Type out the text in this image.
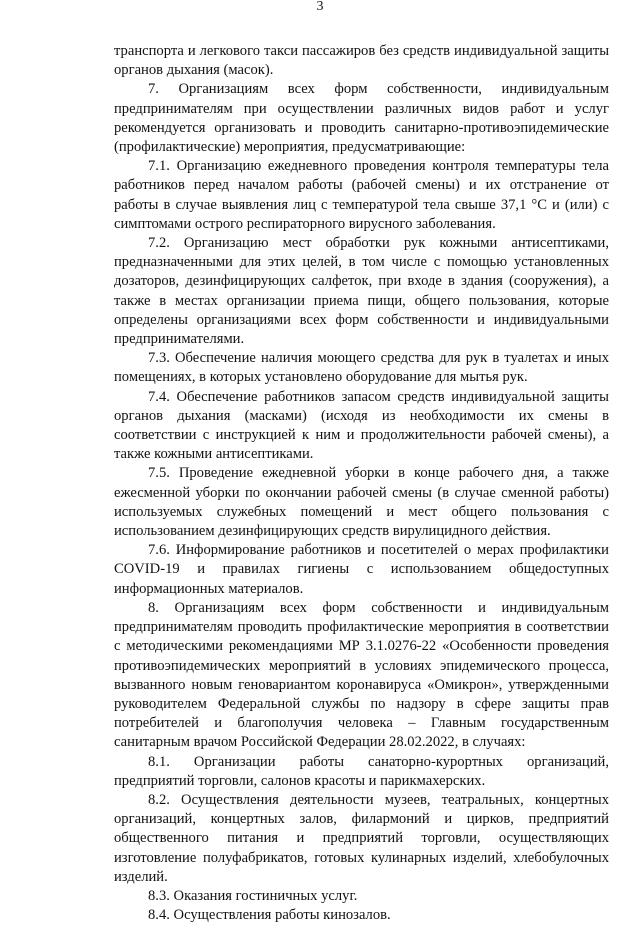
3

транспорта и легкового такси пассажиров без средств индивидуальной защиты органов дыхания (масок).

7. Организациям всех форм собственности, индивидуальным предпринимателям при осуществлении различных видов работ и услуг рекомендуется организовать и проводить санитарно-противоэпидемические (профилактические) мероприятия, предусматривающие:

7.1. Организацию ежедневного проведения контроля температуры тела работников перед началом работы (рабочей смены) и их отстранение от работы в случае выявления лиц с температурой тела свыше 37,1 °С и (или) с симптомами острого респираторного вирусного заболевания.

7.2. Организацию мест обработки рук кожными антисептиками, предназначенными для этих целей, в том числе с помощью установленных дозаторов, дезинфицирующих салфеток, при входе в здания (сооружения), а также в местах организации приема пищи, общего пользования, которые определены организациями всех форм собственности и индивидуальными предпринимателями.

7.3. Обеспечение наличия моющего средства для рук в туалетах и иных помещениях, в которых установлено оборудование для мытья рук.

7.4. Обеспечение работников запасом средств индивидуальной защиты органов дыхания (масками) (исходя из необходимости их смены в соответствии с инструкцией к ним и продолжительности рабочей смены), а также кожными антисептиками.

7.5. Проведение ежедневной уборки в конце рабочего дня, а также ежесменной уборки по окончании рабочей смены (в случае сменной работы) используемых служебных помещений и мест общего пользования с использованием дезинфицирующих средств вирулицидного действия.

7.6. Информирование работников и посетителей о мерах профилактики COVID-19 и правилах гигиены с использованием общедоступных информационных материалов.

8. Организациям всех форм собственности и индивидуальным предпринимателям проводить профилактические мероприятия в соответствии с методическими рекомендациями МР 3.1.0276-22 «Особенности проведения противоэпидемических мероприятий в условиях эпидемического процесса, вызванного новым геновариантом коронавируса «Омикрон», утвержденными руководителем Федеральной службы по надзору в сфере защиты прав потребителей и благополучия человека – Главным государственным санитарным врачом Российской Федерации 28.02.2022, в случаях:

8.1. Организации работы санаторно-курортных организаций, предприятий торговли, салонов красоты и парикмахерских.

8.2. Осуществления деятельности музеев, театральных, концертных организаций, концертных залов, филармоний и цирков, предприятий общественного питания и предприятий торговли, осуществляющих изготовление полуфабрикатов, готовых кулинарных изделий, хлебобулочных изделий.

8.3. Оказания гостиничных услуг.

8.4. Осуществления работы кинозалов.
